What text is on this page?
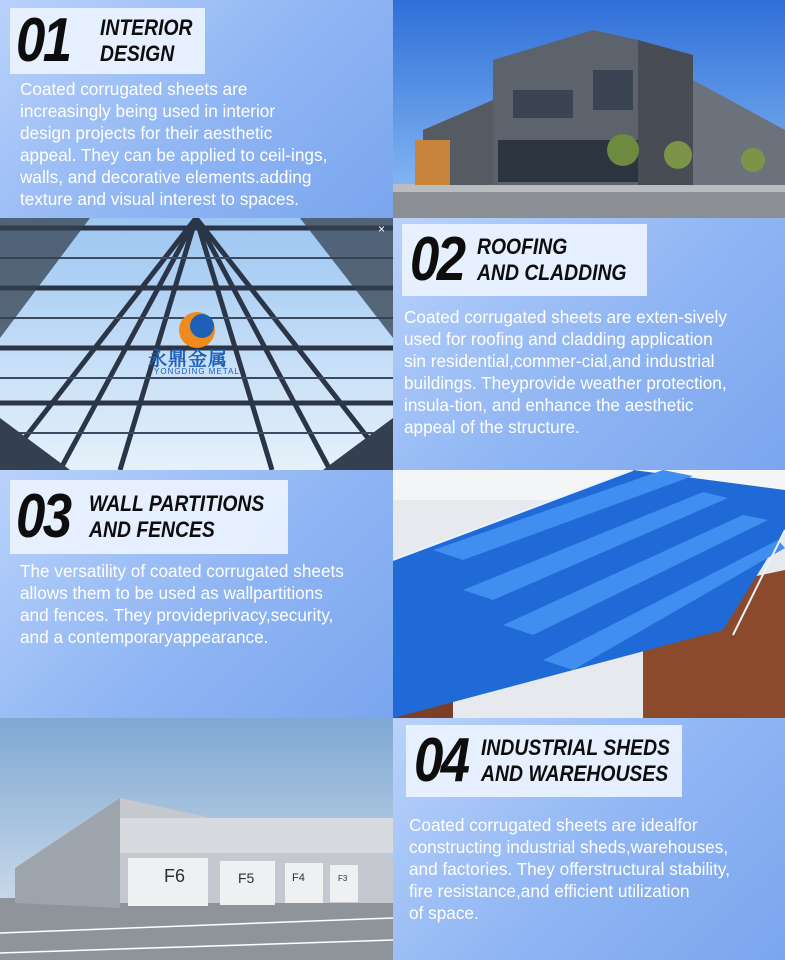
01	INTERIOR
DESIGN
Coated corrugated sheets are
increasingly being used in interior
design projects for their aesthetic
appeal. They can be applied to ceil-ings,
walls, and decorative elements.adding
texture and visual interest to spaces.
永鼎金属
YONGDING METAL
× 02 ROOFING
AND CLADDING
Coated corrugated sheets are exten-sively
used for roofing and cladding application
sin residential,commer-cial,and industrial
buildings. Theyprovide weather protection,
insula-tion, and enhance the aesthetic
appeal of the structure.
03 WALL PARTITIONS
AND FENCES
The versatility of coated corrugated sheets
allows them to be used as wallpartitions
and fences. They provideprivacy,security,
and a contemporaryappearance.
F6	F5	F4	F3
04 INDUSTRIAL SHEDS
AND WAREHOUSES
Coated corrugated sheets are idealfor
constructing industrial sheds,warehouses,
and factories. They offerstructural stability,
fire resistance,and efficient utilization
of space.
